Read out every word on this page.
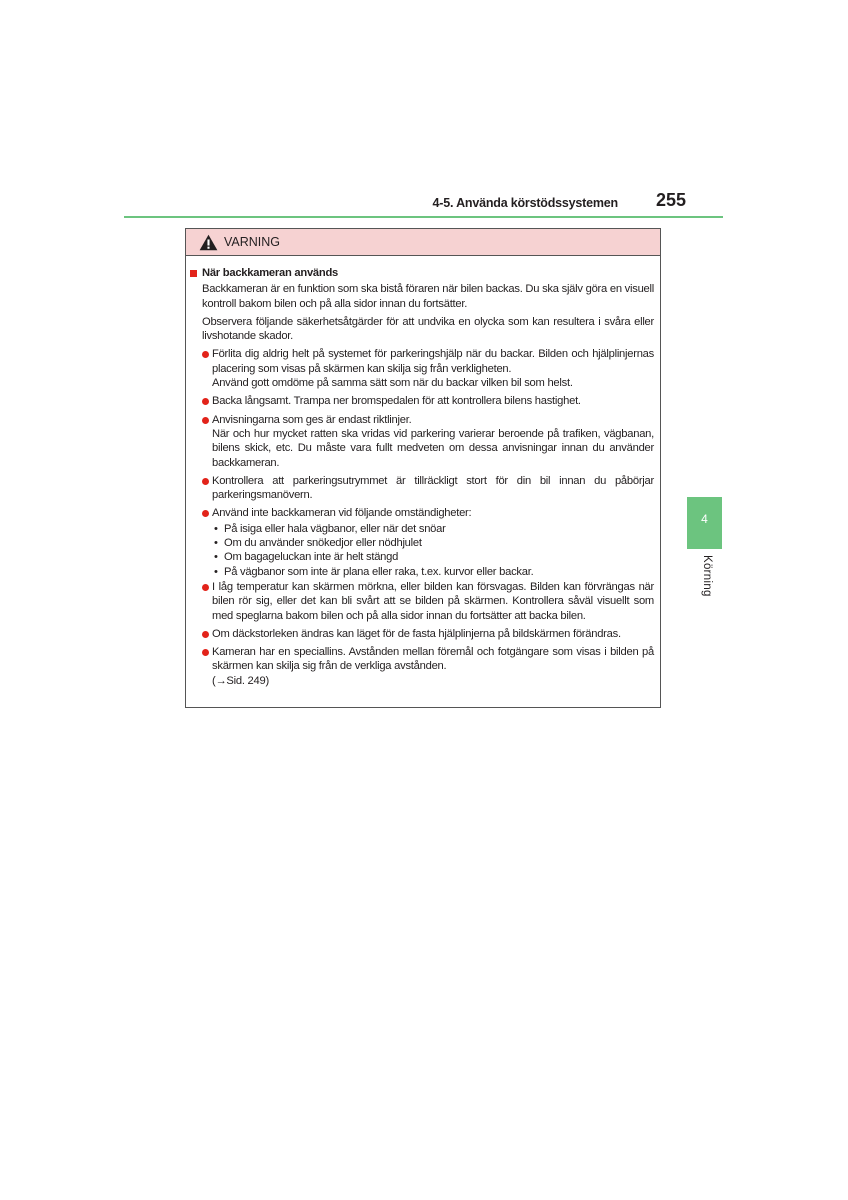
4-5. Använda körstödssystemen	255
VARNING
När backkameran används

Backkameran är en funktion som ska bistå föraren när bilen backas. Du ska själv göra en visuell kontroll bakom bilen och på alla sidor innan du fortsätter.

Observera följande säkerhetsåtgärder för att undvika en olycka som kan resultera i svåra eller livshotande skador.

Förlita dig aldrig helt på systemet för parkeringshjälp när du backar. Bilden och hjälplinjernas placering som visas på skärmen kan skilja sig från verkligheten.
Använd gott omdöme på samma sätt som när du backar vilken bil som helst.
Backa långsamt. Trampa ner bromspedalen för att kontrollera bilens hastighet.
Anvisningarna som ges är endast riktlinjer.
När och hur mycket ratten ska vridas vid parkering varierar beroende på trafiken, vägbanan, bilens skick, etc. Du måste vara fullt medveten om dessa anvisningar innan du använder backkameran.
Kontrollera att parkeringsutrymmet är tillräckligt stort för din bil innan du påbörjar parkeringsmanövern.
Använd inte backkameran vid följande omständigheter:
• På isiga eller hala vägbanor, eller när det snöar
• Om du använder snökedjor eller nödhjulet
• Om bagageluckan inte är helt stängd
• På vägbanor som inte är plana eller raka, t.ex. kurvor eller backar.
I låg temperatur kan skärmen mörkna, eller bilden kan försvagas. Bilden kan förvrängas när bilen rör sig, eller det kan bli svårt att se bilden på skärmen. Kontrollera såväl visuellt som med speglarna bakom bilen och på alla sidor innan du fortsätter att backa bilen.
Om däckstorleken ändras kan läget för de fasta hjälplinjerna på bildskärmen förändras.
Kameran har en speciallins. Avstånden mellan föremål och fotgängare som visas i bilden på skärmen kan skilja sig från de verkliga avstånden.
(→Sid. 249)
4
Körning
